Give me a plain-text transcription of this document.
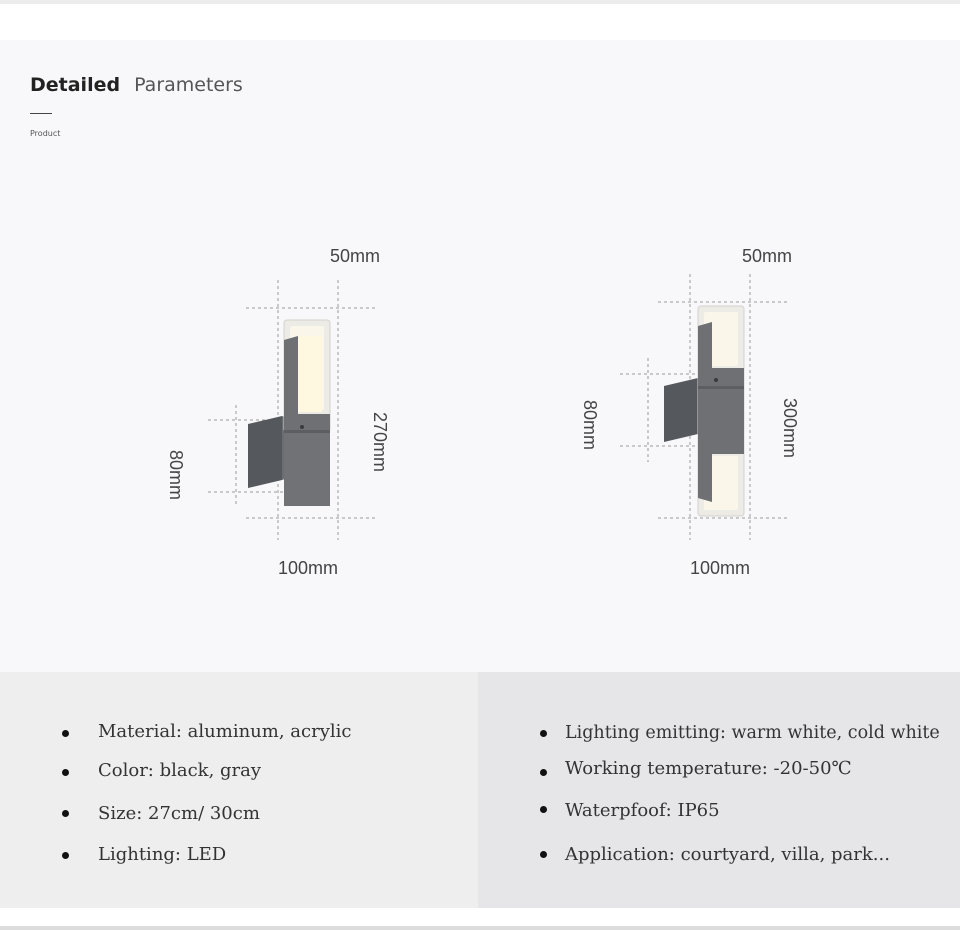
Detailed Parameters
Product
50mm
100mm
270mm
80mm
50mm
100mm
300mm
80mm
Material: aluminum, acrylic
Color: black, gray
Size: 27cm/ 30cm
Lighting: LED
Lighting emitting: warm white, cold white
Working temperature: -20-50℃
Waterpfoof: IP65
Application: courtyard, villa, park...
